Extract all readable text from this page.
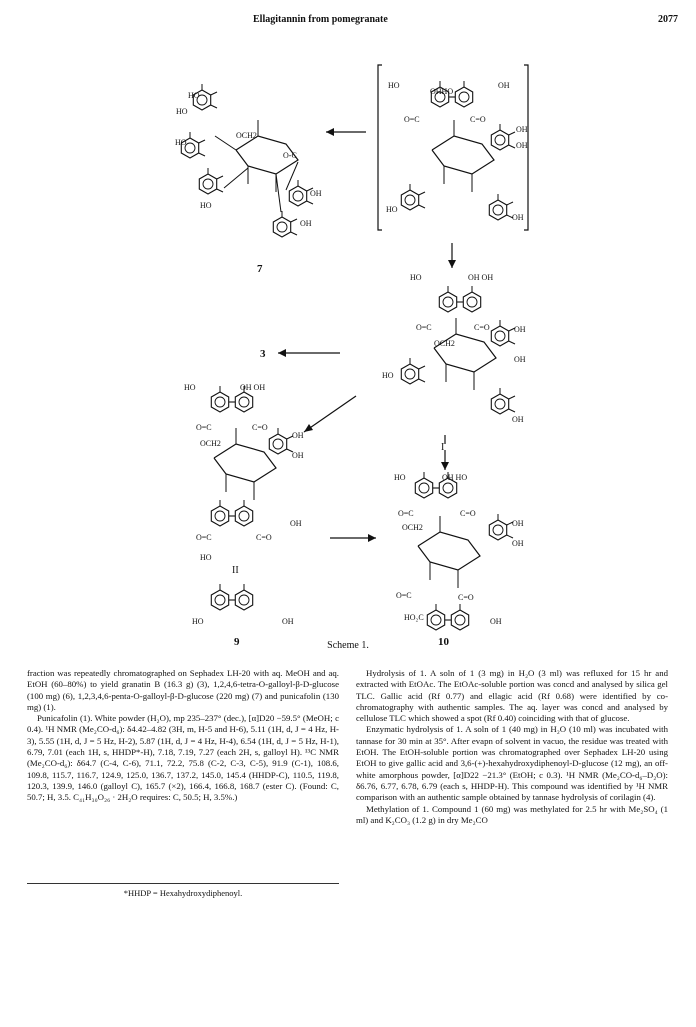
Ellagitannin from pomegranate	2077
HO
HO
HO
OCH2
O-C
OH
OH
HO
HO
OHHO
OH
O=C	C=O
OH
OH
HO
OH
HO	OH OH
O=C	C=O
OCH2
OH
OH
HO
OH
HO	OH OH
O=C	C=O
OCH2
OH
OH
O=C	C=O
OH
HO
HO	OH
HO	OH HO
O=C	C=O
OCH2	OH
OH
O=C	C=O
HO₂C	OH
7
3
9	10
I
II
Scheme 1.

fraction was repeatedly chromatographed on Sephadex LH-20 with aq. MeOH and aq. EtOH (60–80%) to yield granatin B (16.3 g) (3), 1,2,4,6-tetra-O-galloyl-β-D-glucose (100 mg) (6), 1,2,3,4,6-penta-O-galloyl-β-D-glucose (220 mg) (7) and punicafolin (130 mg) (1).

Punicafolin (1). White powder (H₂O), mp 235–237° (dec.), [α]D20 −59.5° (MeOH; c 0.4). ¹H NMR (Me₂CO-d₆): δ4.42–4.82 (3H, m, H-5 and H-6), 5.11 (1H, d, J = 4 Hz, H-3), 5.55 (1H, d, J = 5 Hz, H-2), 5.87 (1H, d, J = 4 Hz, H-4), 6.54 (1H, d, J = 5 Hz, H-1), 6.79, 7.01 (each 1H, s, HHDP*-H), 7.18, 7.19, 7.27 (each 2H, s, galloyl H). ¹³C NMR (Me₂CO-d₆): δ64.7 (C-4, C-6), 71.1, 72.2, 75.8 (C-2, C-3, C-5), 91.9 (C-1), 108.6, 109.8, 115.7, 116.7, 124.9, 125.0, 136.7, 137.2, 145.0, 145.4 (HHDP-C), 110.5, 119.8, 120.3, 139.9, 146.0 (galloyl C), 165.7 (×2), 166.4, 166.8, 168.7 (ester C). (Found: C, 50.7; H, 3.5. C₄₁H₃₀O₂₆ · 2H₂O requires: C, 50.5; H, 3.5%.)

*HHDP = Hexahydroxydiphenoyl.

Hydrolysis of 1. A soln of 1 (3 mg) in H₂O (3 ml) was refluxed for 15 hr and extracted with EtOAc. The EtOAc-soluble portion was concd and analysed by silica gel TLC. Gallic acid (Rf 0.77) and ellagic acid (Rf 0.68) were identified by co-chromatography with authentic samples. The aq. layer was concd and analysed by cellulose TLC which showed a spot (Rf 0.40) coinciding with that of glucose.

Enzymatic hydrolysis of 1. A soln of 1 (40 mg) in H₂O (10 ml) was incubated with tannase for 30 min at 35°. After evapn of solvent in vacuo, the residue was treated with EtOH. The EtOH-soluble portion was chromatographed over Sephadex LH-20 using EtOH to give gallic acid and 3,6-(+)-hexahydroxydiphenoyl-D-glucose (12 mg), an off-white amorphous powder, [α]D22 −21.3° (EtOH; c 0.3). ¹H NMR (Me₂CO-d₆–D₂O): δ6.76, 6.77, 6.78, 6.79 (each s, HHDP-H). This compound was identified by ¹H NMR comparison with an authentic sample obtained by tannase hydrolysis of corilagin (4).

Methylation of 1. Compound 1 (60 mg) was methylated for 2.5 hr with Me₂SO₄ (1 ml) and K₂CO₃ (1.2 g) in dry Me₂CO
